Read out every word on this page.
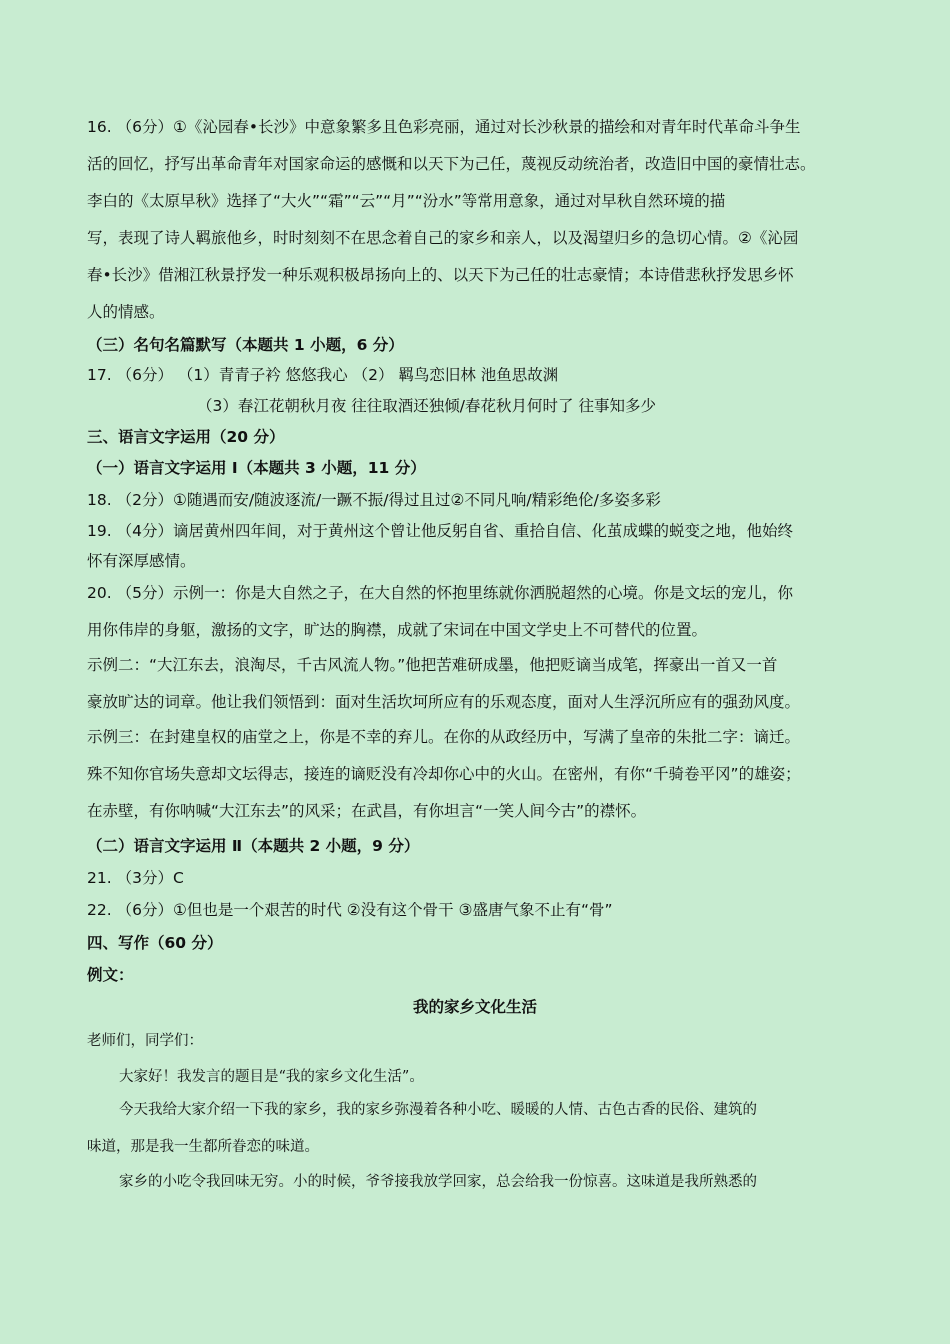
16. （6分）①《沁园春•长沙》中意象繁多且色彩亮丽，通过对长沙秋景的描绘和对青年时代革命斗争生

活的回忆，抒写出革命青年对国家命运的感慨和以天下为己任，蔑视反动统治者，改造旧中国的豪情壮志。

李白的《太原早秋》选择了“大火”“霜”“云”“月”“汾水”等常用意象，通过对早秋自然环境的描

写，表现了诗人羁旅他乡，时时刻刻不在思念着自己的家乡和亲人，以及渴望归乡的急切心情。②《沁园

春•长沙》借湘江秋景抒发一种乐观积极昂扬向上的、以天下为己任的壮志豪情；本诗借悲秋抒发思乡怀

人的情感。

（三）名句名篇默写（本题共 1 小题，6 分）

17. （6分） （1）青青子衿 悠悠我心 （2） 羁鸟恋旧林 池鱼思故渊

（3）春江花朝秋月夜 往往取酒还独倾/春花秋月何时了 往事知多少

三、语言文字运用（20 分）

（一）语言文字运用 Ⅰ（本题共 3 小题，11 分）

18. （2分）①随遇而安/随波逐流/一蹶不振/得过且过②不同凡响/精彩绝伦/多姿多彩

19. （4分）谪居黄州四年间，对于黄州这个曾让他反躬自省、重拾自信、化茧成蝶的蜕变之地，他始终

怀有深厚感情。

20. （5分）示例一：你是大自然之子，在大自然的怀抱里练就你洒脱超然的心境。你是文坛的宠儿，你

用你伟岸的身躯，激扬的文字，旷达的胸襟，成就了宋词在中国文学史上不可替代的位置。

示例二：“大江东去，浪淘尽，千古风流人物。”他把苦难研成墨，他把贬谪当成笔，挥豪出一首又一首

豪放旷达的词章。他让我们领悟到：面对生活坎坷所应有的乐观态度，面对人生浮沉所应有的强劲风度。

示例三：在封建皇权的庙堂之上，你是不幸的弃儿。在你的从政经历中，写满了皇帝的朱批二字：谪迁。

殊不知你官场失意却文坛得志，接连的谪贬没有冷却你心中的火山。在密州，有你“千骑卷平冈”的雄姿；

在赤壁，有你呐喊“大江东去”的风采；在武昌，有你坦言“一笑人间今古”的襟怀。

（二）语言文字运用 Ⅱ（本题共 2 小题，9 分）

21. （3分）C

22. （6分）①但也是一个艰苦的时代 ②没有这个骨干 ③盛唐气象不止有“骨”

四、写作（60 分）

例文：

我的家乡文化生活

老师们，同学们：

大家好！我发言的题目是“我的家乡文化生活”。

今天我给大家介绍一下我的家乡，我的家乡弥漫着各种小吃、暖暖的人情、古色古香的民俗、建筑的

味道，那是我一生都所眷恋的味道。

家乡的小吃令我回味无穷。小的时候，爷爷接我放学回家，总会给我一份惊喜。这味道是我所熟悉的
